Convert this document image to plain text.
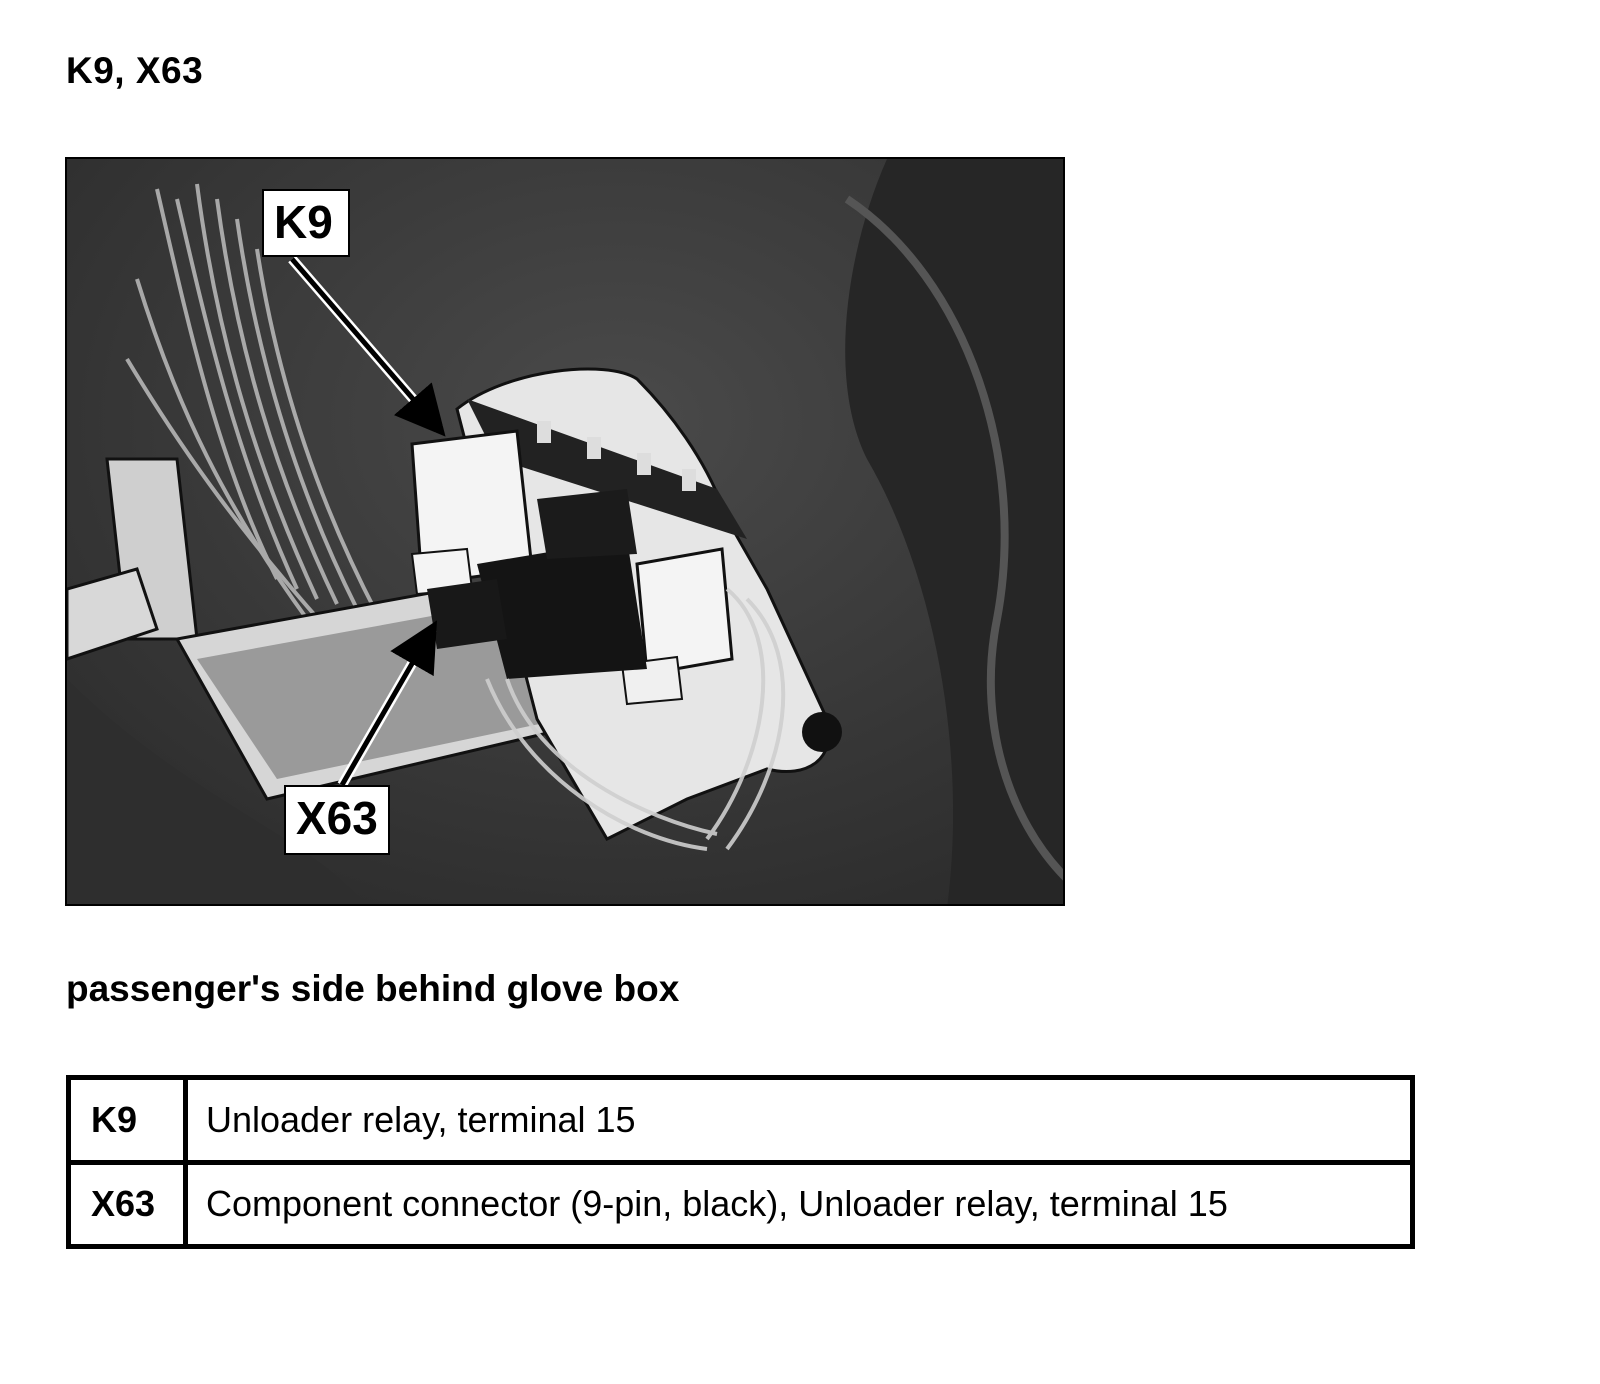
K9, X63
K9
X63
passenger's side behind glove box
K9	Unloader relay, terminal 15
X63	Component connector (9-pin, black), Unloader relay, terminal 15
